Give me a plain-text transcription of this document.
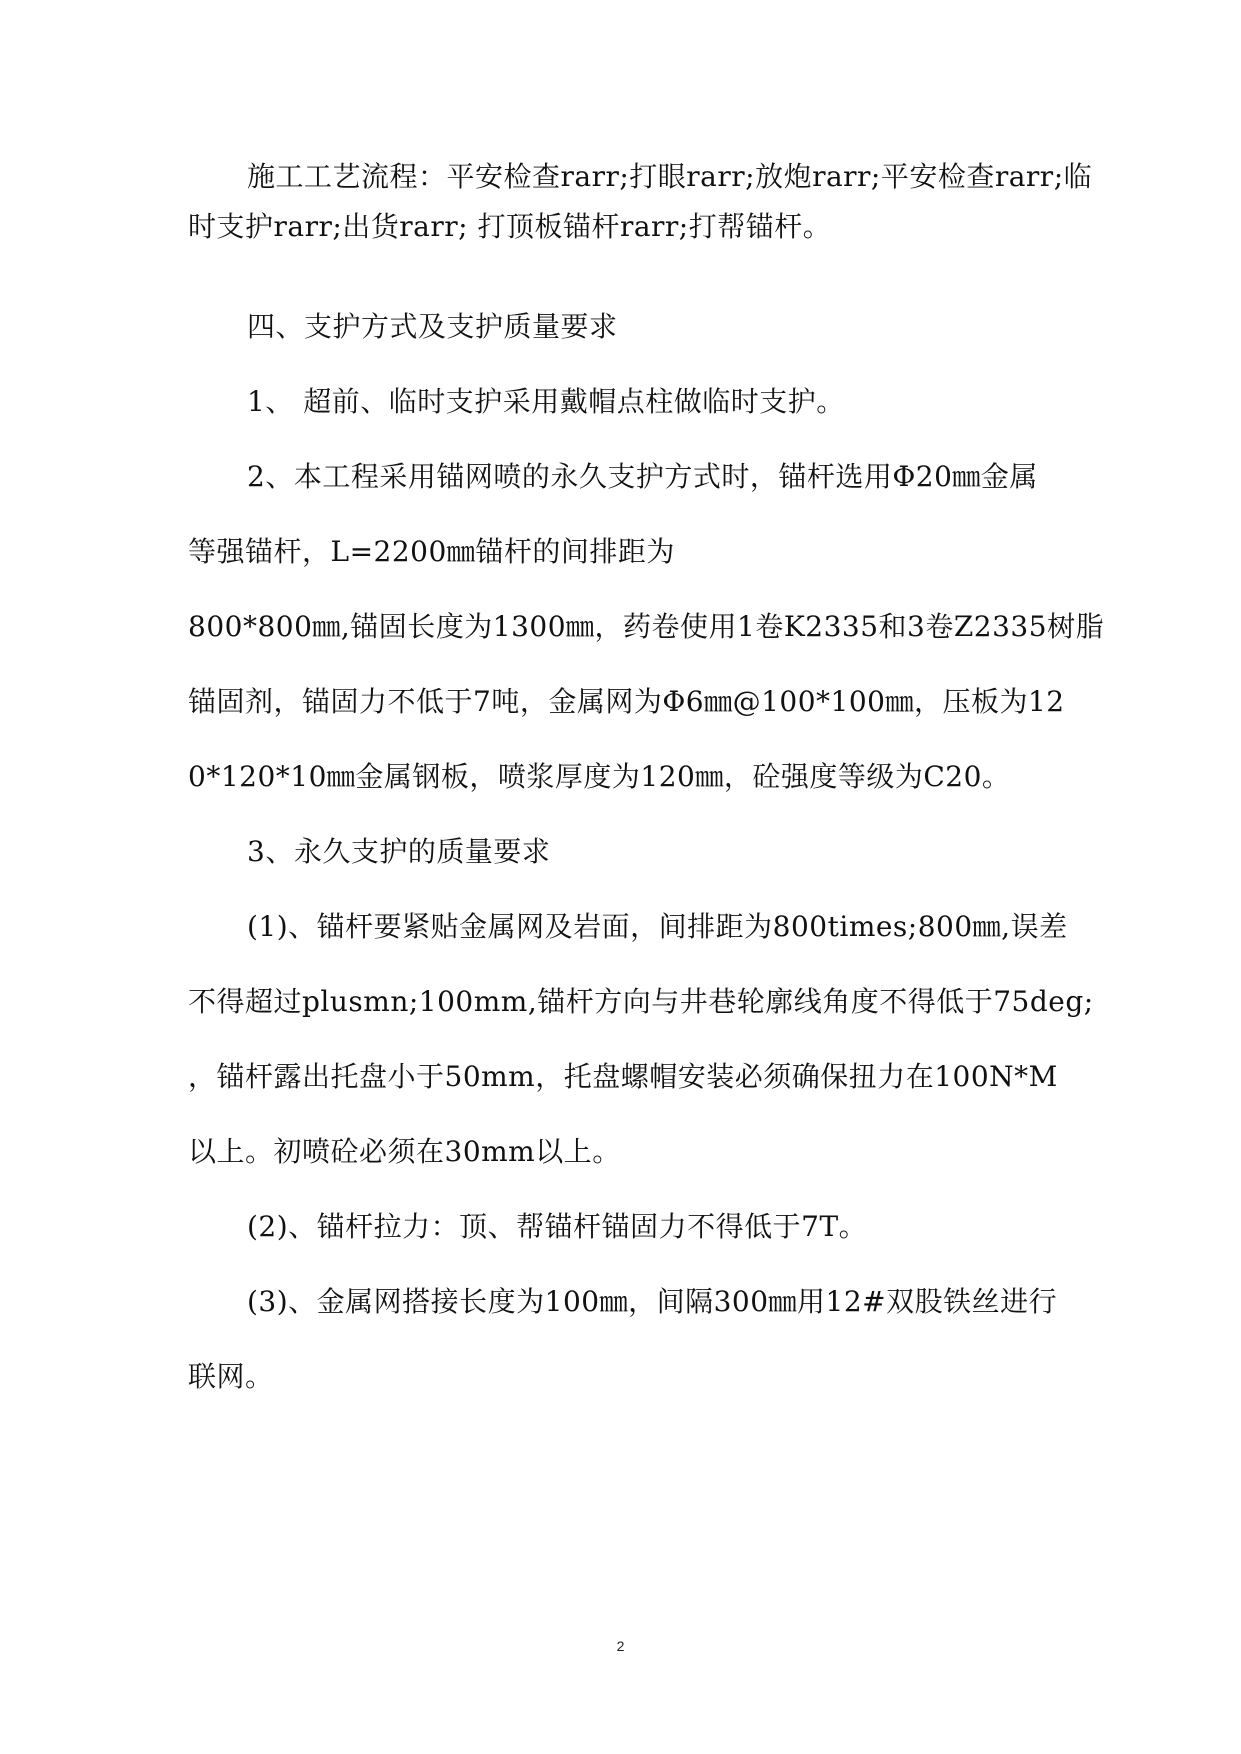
施工工艺流程：平安检查rarr;打眼rarr;放炮rarr;平安检查rarr;临
时支护rarr;出货rarr; 打顶板锚杆rarr;打帮锚杆。
四、支护方式及支护质量要求
1、 超前、临时支护采用戴帽点柱做临时支护。
2、本工程采用锚网喷的永久支护方式时，锚杆选用Φ20㎜金属
等强锚杆，L=2200㎜锚杆的间排距为
800*800㎜,锚固长度为1300㎜，药卷使用1卷K2335和3卷Z2335树脂
锚固剂，锚固力不低于7吨，金属网为Φ6㎜@100*100㎜，压板为12
0*120*10㎜金属钢板，喷浆厚度为120㎜，砼强度等级为C20。
3、永久支护的质量要求
(1)、锚杆要紧贴金属网及岩面，间排距为800times;800㎜,误差
不得超过plusmn;100mm,锚杆方向与井巷轮廓线角度不得低于75deg;
，锚杆露出托盘小于50mm，托盘螺帽安装必须确保扭力在100N*M
以上。初喷砼必须在30mm以上。
(2)、锚杆拉力：顶、帮锚杆锚固力不得低于7T。
(3)、金属网搭接长度为100㎜，间隔300㎜用12#双股铁丝进行
联网。
2
